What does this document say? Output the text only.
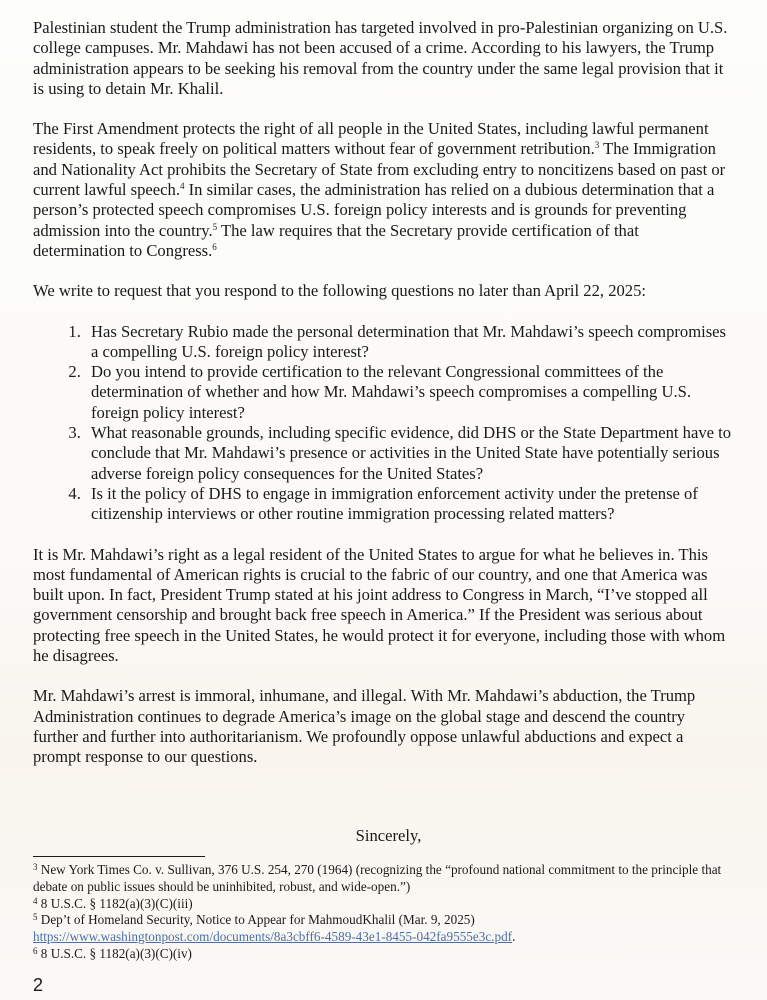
Palestinian student the Trump administration has targeted involved in pro-Palestinian organizing on U.S. college campuses. Mr. Mahdawi has not been accused of a crime. According to his lawyers, the Trump administration appears to be seeking his removal from the country under the same legal provision that it is using to detain Mr. Khalil.

The First Amendment protects the right of all people in the United States, including lawful permanent residents, to speak freely on political matters without fear of government retribution.$^3$ The Immigration and Nationality Act prohibits the Secretary of State from excluding entry to noncitizens based on past or current lawful speech.$^4$ In similar cases, the administration has relied on a dubious determination that a person’s protected speech compromises U.S. foreign policy interests and is grounds for preventing admission into the country.$^5$ The law requires that the Secretary provide certification of that determination to Congress.$^6$

We write to request that you respond to the following questions no later than April 22, 2025:

1. Has Secretary Rubio made the personal determination that Mr. Mahdawi’s speech compromises a compelling U.S. foreign policy interest?
2. Do you intend to provide certification to the relevant Congressional committees of the determination of whether and how Mr. Mahdawi’s speech compromises a compelling U.S. foreign policy interest?
3. What reasonable grounds, including specific evidence, did DHS or the State Department have to conclude that Mr. Mahdawi’s presence or activities in the United State have potentially serious adverse foreign policy consequences for the United States?
4. Is it the policy of DHS to engage in immigration enforcement activity under the pretense of citizenship interviews or other routine immigration processing related matters?

It is Mr. Mahdawi’s right as a legal resident of the United States to argue for what he believes in. This most fundamental of American rights is crucial to the fabric of our country, and one that America was built upon. In fact, President Trump stated at his joint address to Congress in March, “I’ve stopped all government censorship and brought back free speech in America.” If the President was serious about protecting free speech in the United States, he would protect it for everyone, including those with whom he disagrees.

Mr. Mahdawi’s arrest is immoral, inhumane, and illegal. With Mr. Mahdawi’s abduction, the Trump Administration continues to degrade America’s image on the global stage and descend the country further and further into authoritarianism. We profoundly oppose unlawful abductions and expect a prompt response to our questions.

Sincerely,
$^3$ New York Times Co. v. Sullivan, 376 U.S. 254, 270 (1964) (recognizing the “profound national commitment to the principle that debate on public issues should be uninhibited, robust, and wide-open.”)
$^4$ 8 U.S.C. § 1182(a)(3)(C)(iii)
$^5$ Dep’t of Homeland Security, Notice to Appear for MahmoudKhalil (Mar. 9, 2025)
https://www.washingtonpost.com/documents/8a3cbff6-4589-43e1-8455-042fa9555e3c.pdf.
$^6$ 8 U.S.C. § 1182(a)(3)(C)(iv)
2
